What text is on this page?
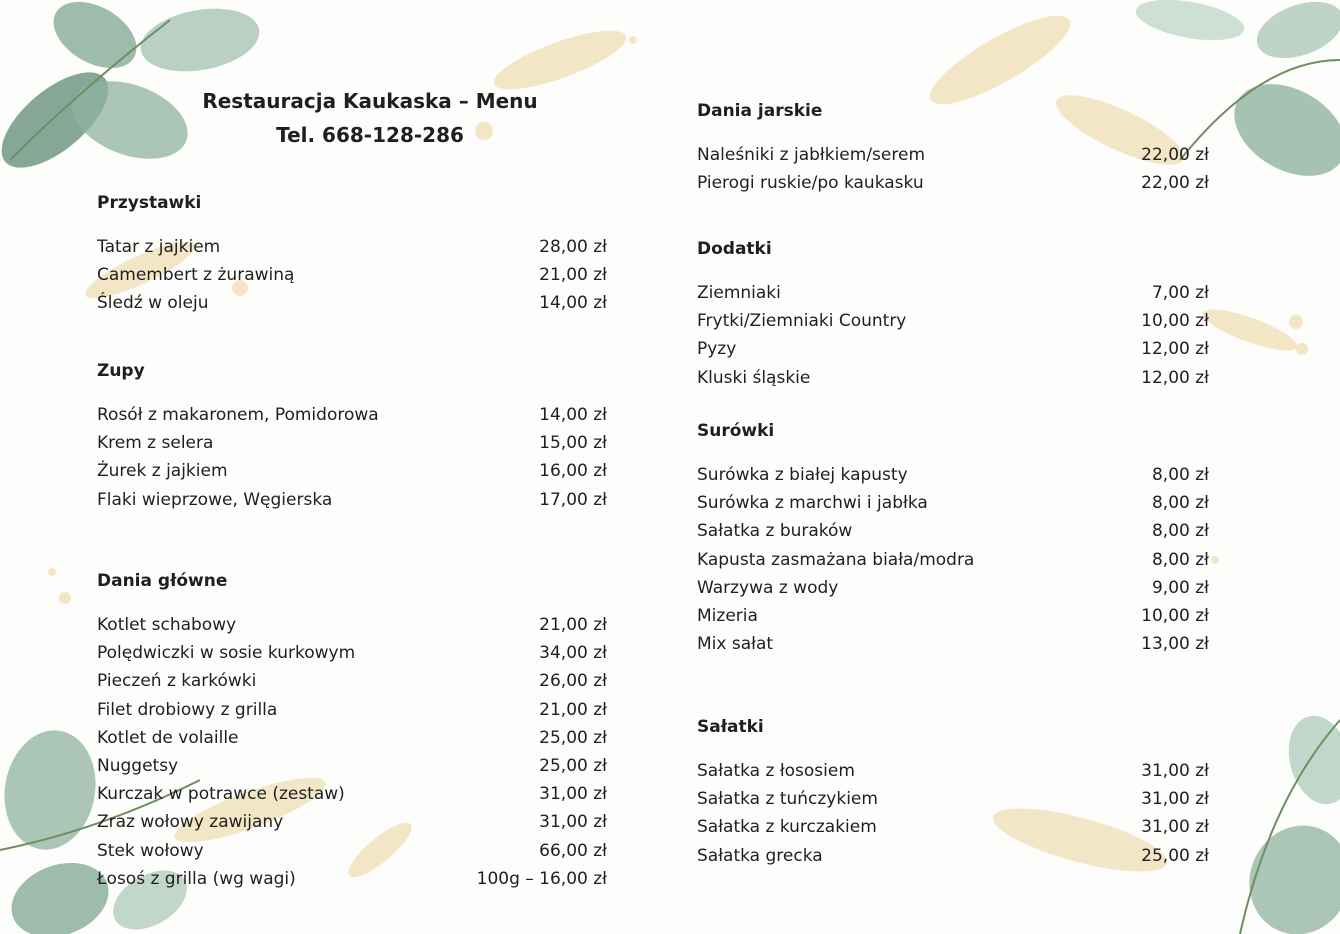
Restauracja Kaukaska – Menu
Tel. 668-128-286
Przystawki
Tatar z jajkiem	28,00 zł
Camembert z żurawiną	21,00 zł
Śledź w oleju	14,00 zł
Zupy
Rosół z makaronem, Pomidorowa	14,00 zł
Krem z selera	15,00 zł
Żurek z jajkiem	16,00 zł
Flaki wieprzowe, Węgierska	17,00 zł
Dania główne
Kotlet schabowy	21,00 zł
Polędwiczki w sosie kurkowym	34,00 zł
Pieczeń z karkówki	26,00 zł
Filet drobiowy z grilla	21,00 zł
Kotlet de volaille	25,00 zł
Nuggetsy	25,00 zł
Kurczak w potrawce (zestaw)	31,00 zł
Zraz wołowy zawijany	31,00 zł
Stek wołowy	66,00 zł
Łosoś z grilla (wg wagi)	100g – 16,00 zł
Dania jarskie
Naleśniki z jabłkiem/serem	22,00 zł
Pierogi ruskie/po kaukasku	22,00 zł
Dodatki
Ziemniaki	7,00 zł
Frytki/Ziemniaki Country	10,00 zł
Pyzy	12,00 zł
Kluski śląskie	12,00 zł
Surówki
Surówka z białej kapusty	8,00 zł
Surówka z marchwi i jabłka	8,00 zł
Sałatka z buraków	8,00 zł
Kapusta zasmażana biała/modra	8,00 zł
Warzywa z wody	9,00 zł
Mizeria	10,00 zł
Mix sałat	13,00 zł
Sałatki
Sałatka z łososiem	31,00 zł
Sałatka z tuńczykiem	31,00 zł
Sałatka z kurczakiem	31,00 zł
Sałatka grecka	25,00 zł
